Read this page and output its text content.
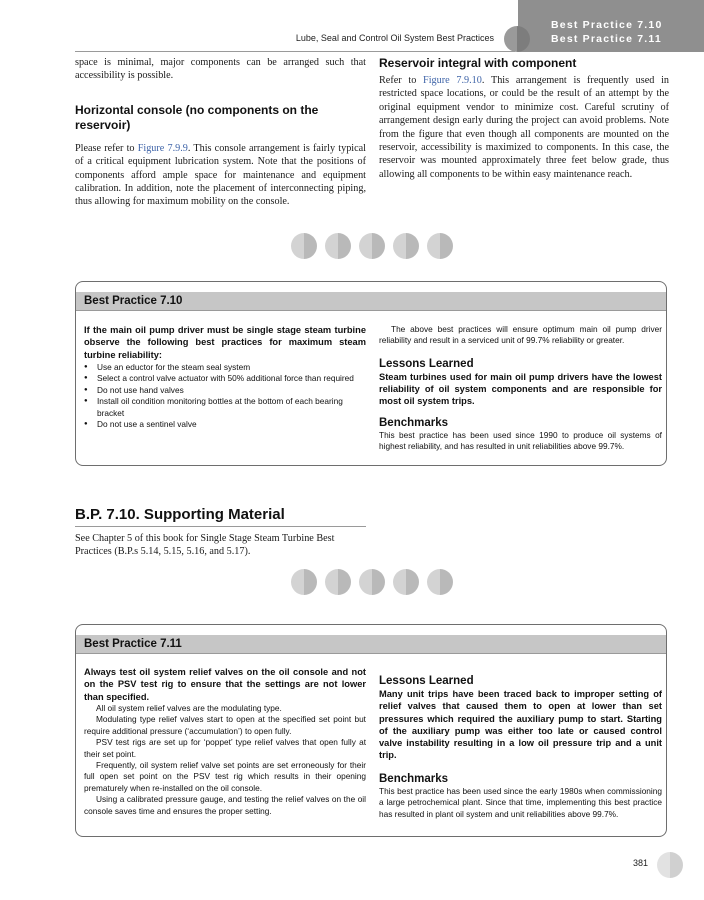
Lube, Seal and Control Oil System Best Practices
Best Practice 7.10
Best Practice 7.11

space is minimal, major components can be arranged such that accessibility is possible.

Horizontal console (no components on the reservoir)

Please refer to Figure 7.9.9. This console arrangement is fairly typical of a critical equipment lubrication system. Note that the positions of components afford ample space for maintenance and equipment calibration. In addition, note the placement of interconnecting piping, thus allowing for maximum mobility on the console.

Reservoir integral with component

Refer to Figure 7.9.10. This arrangement is frequently used in restricted space locations, or could be the result of an attempt by the original equipment vendor to minimize cost. Careful scrutiny of arrangement design early during the project can avoid problems. Note from the figure that even though all components are mounted on the reservoir, accessibility is maximized to components. In this case, the reservoir was mounted approximately three feet below grade, thus allowing all components to be within easy maintenance reach.

Best Practice 7.10

If the main oil pump driver must be single stage steam turbine observe the following best practices for maximum steam turbine reliability:

● Use an eductor for the steam seal system
● Select a control valve actuator with 50% additional force than required
● Do not use hand valves
● Install oil condition monitoring bottles at the bottom of each bearing bracket
● Do not use a sentinel valve

The above best practices will ensure optimum main oil pump driver reliability and result in a serviced unit of 99.7% reliability or greater.

Lessons Learned

Steam turbines used for main oil pump drivers have the lowest reliability of oil system components and are responsible for most oil system trips.

Benchmarks

This best practice has been used since 1990 to produce oil systems of highest reliability, and has resulted in unit reliabilities above 99.7%.

B.P. 7.10. Supporting Material

See Chapter 5 of this book for Single Stage Steam Turbine Best Practices (B.P.s 5.14, 5.15, 5.16, and 5.17).

Best Practice 7.11

Always test oil system relief valves on the oil console and not on the PSV test rig to ensure that the settings are not lower than specified.

All oil system relief valves are the modulating type.

Modulating type relief valves start to open at the specified set point but require additional pressure (‘accumulation’) to open fully.

PSV test rigs are set up for ‘poppet’ type relief valves that open fully at their set point.

Frequently, oil system relief valve set points are set erroneously for their full open set point on the PSV test rig which results in their opening prematurely when re-installed on the oil console.

Using a calibrated pressure gauge, and testing the relief valves on the oil console saves time and ensures the proper setting.

Lessons Learned

Many unit trips have been traced back to improper setting of relief valves that caused them to open at lower than set pressures which required the auxiliary pump to start. Starting of the auxiliary pump was either too late or caused control valve instability resulting in a low oil pressure trip and a unit trip.

Benchmarks

This best practice has been used since the early 1980s when commissioning a large petrochemical plant. Since that time, implementing this best practice has resulted in plant oil system and unit reliabilities above 99.7%.

381
